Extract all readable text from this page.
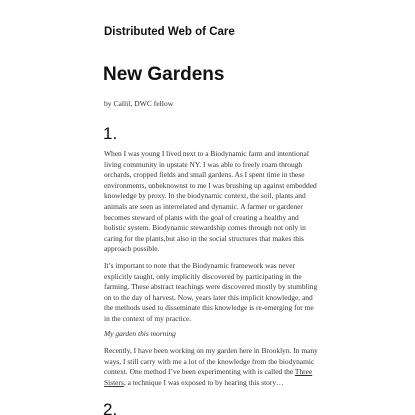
Distributed Web of Care
New Gardens
by Callil, DWC fellow
1.

When I was young I lived next to a Biodynamic farm and intentional
living community in upstate NY. I was able to freely roam through
orchards, cropped fields and small gardens. As I spent time in these
environments, unbeknownst to me I was brushing up against embedded
knowledge by proxy. In the biodynamic context, the soil, plants and
animals are seen as interrelated and dynamic. A farmer or gardener
becomes steward of plants with the goal of creating a healthy and
holistic system. Biodynamic stewardship comes through not only in
caring for the plants,but also in the social structures that makes this
approach possible.

It’s important to note that the Biodynamic framework was never
explicitly taught, only implicitly discovered by participating in the
farming. These abstract teachings were discovered mostly by stumbling
on to the day of harvest. Now, years later this implicit knowledge, and
the methods used to disseminate this knowledge is re-emerging for me
in the context of my practice.

My garden this morning

Recently, I have been working on my garden here in Brooklyn. In many
ways, I still carry with me a lot of the knowledge from the biodynamic
context. One method I’ve been experimenting with is called the Three
Sisters, a technique I was exposed to by hearing this story…

2.
